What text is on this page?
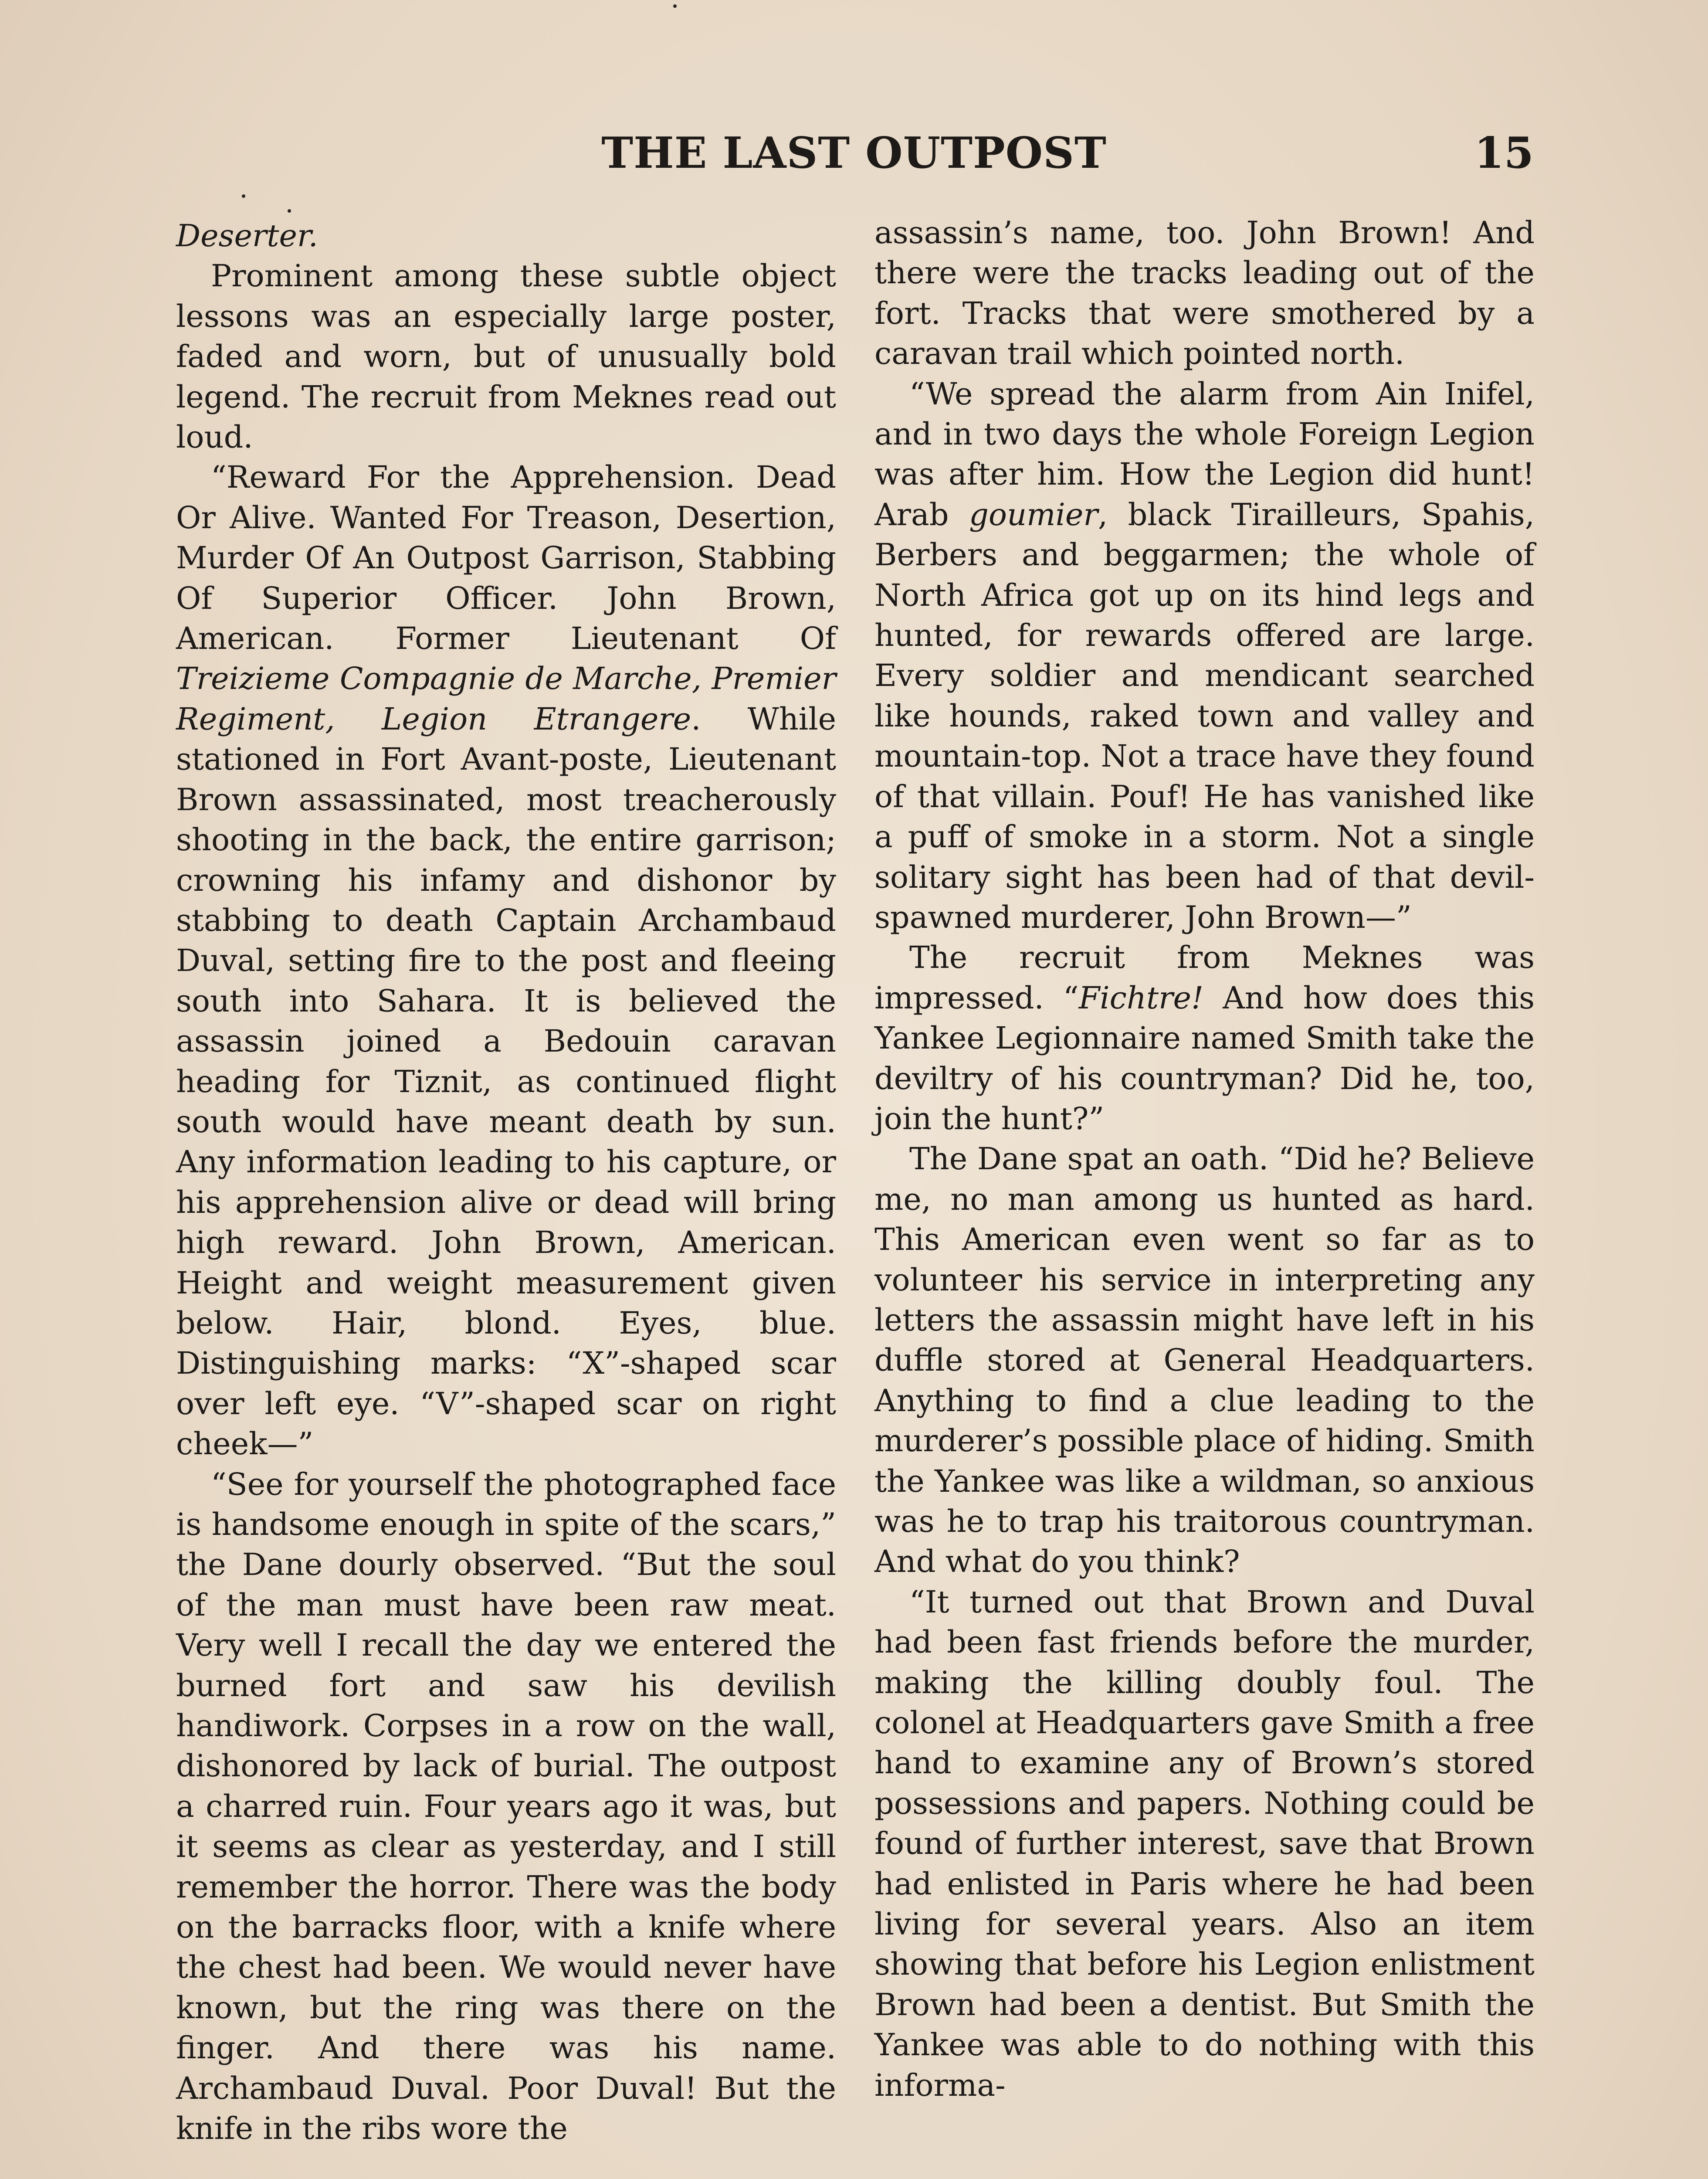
THE LAST OUTPOST	15

Deserter.

Prominent among these subtle object lessons was an especially large poster, faded and worn, but of unusually bold legend. The recruit from Meknes read out loud.

“Reward For the Apprehension. Dead Or Alive. Wanted For Treason, Desertion, Murder Of An Outpost Garrison, Stabbing Of Superior Officer. John Brown, American. Former Lieutenant Of Treizieme Compagnie de Marche, Premier Regiment, Legion Etrangere. While stationed in Fort Avant-poste, Lieutenant Brown assassinated, most treacherously shooting in the back, the entire garrison; crowning his infamy and dishonor by stabbing to death Captain Archambaud Duval, setting fire to the post and fleeing south into Sahara. It is believed the assassin joined a Bedouin caravan heading for Tiznit, as continued flight south would have meant death by sun. Any information leading to his capture, or his apprehension alive or dead will bring high reward. John Brown, American. Height and weight measurement given below. Hair, blond. Eyes, blue. Distinguishing marks: “X”-shaped scar over left eye. “V”-shaped scar on right cheek—”

“See for yourself the photographed face is handsome enough in spite of the scars,” the Dane dourly observed. “But the soul of the man must have been raw meat. Very well I recall the day we entered the burned fort and saw his devilish handiwork. Corpses in a row on the wall, dishonored by lack of burial. The outpost a charred ruin. Four years ago it was, but it seems as clear as yesterday, and I still remember the horror. There was the body on the barracks floor, with a knife where the chest had been. We would never have known, but the ring was there on the finger. And there was his name. Archambaud Duval. Poor Duval! But the knife in the ribs wore the

assassin’s name, too. John Brown! And there were the tracks leading out of the fort. Tracks that were smothered by a caravan trail which pointed north.

“We spread the alarm from Ain Inifel, and in two days the whole Foreign Legion was after him. How the Legion did hunt! Arab goumier, black Tirailleurs, Spahis, Berbers and beggarmen; the whole of North Africa got up on its hind legs and hunted, for rewards offered are large. Every soldier and mendicant searched like hounds, raked town and valley and mountain-top. Not a trace have they found of that villain. Pouf! He has vanished like a puff of smoke in a storm. Not a single solitary sight has been had of that devil-spawned murderer, John Brown—”

The recruit from Meknes was impressed. “Fichtre! And how does this Yankee Legionnaire named Smith take the deviltry of his countryman? Did he, too, join the hunt?”

The Dane spat an oath. “Did he? Believe me, no man among us hunted as hard. This American even went so far as to volunteer his service in interpreting any letters the assassin might have left in his duffle stored at General Headquarters. Anything to find a clue leading to the murderer’s possible place of hiding. Smith the Yankee was like a wildman, so anxious was he to trap his traitorous countryman. And what do you think?

“It turned out that Brown and Duval had been fast friends before the murder, making the killing doubly foul. The colonel at Headquarters gave Smith a free hand to examine any of Brown’s stored possessions and papers. Nothing could be found of further interest, save that Brown had enlisted in Paris where he had been living for several years. Also an item showing that before his Legion enlistment Brown had been a dentist. But Smith the Yankee was able to do nothing with this informa-
